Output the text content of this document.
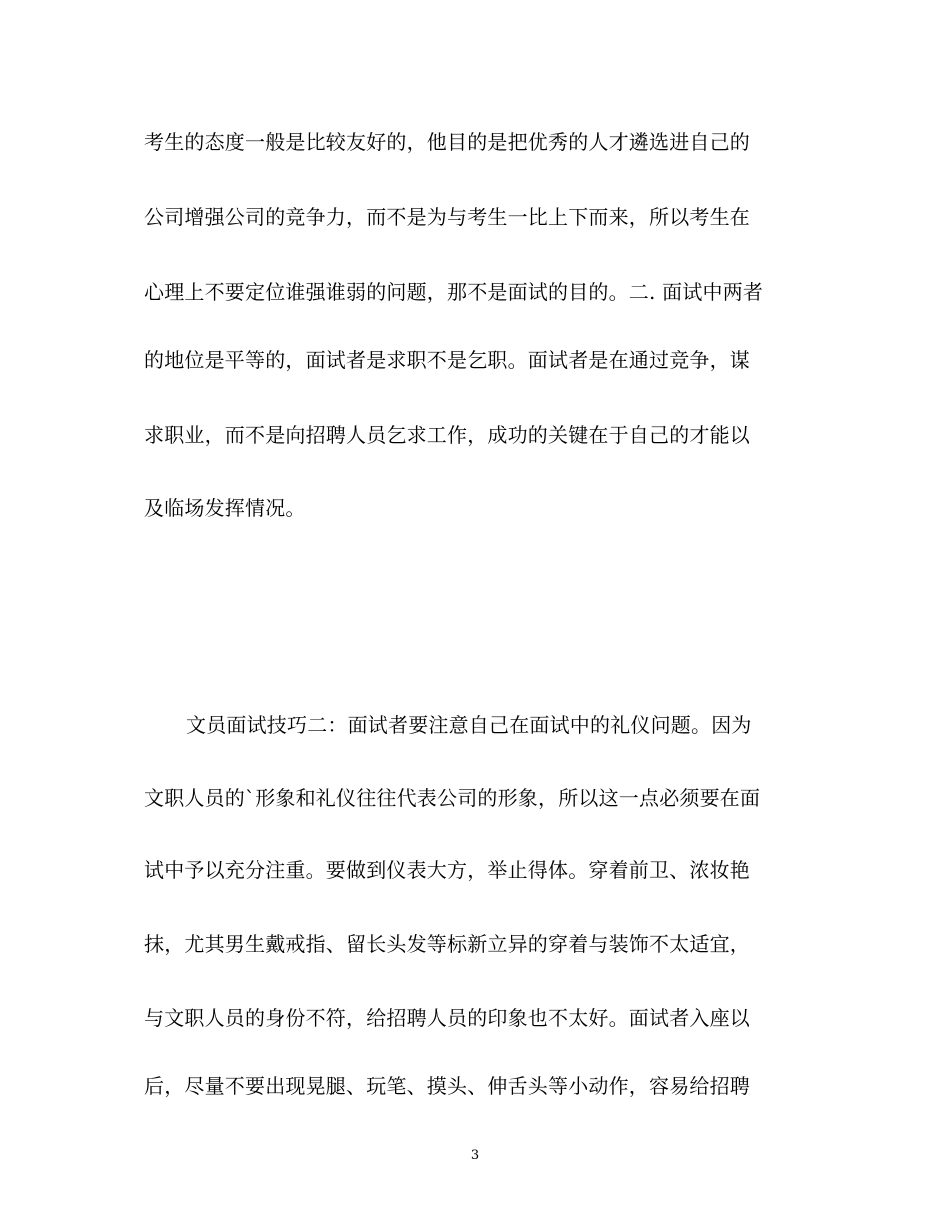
考生的态度一般是比较友好的，他目的是把优秀的人才遴选进自己的
公司增强公司的竞争力，而不是为与考生一比上下而来，所以考生在
心理上不要定位谁强谁弱的问题，那不是面试的目的。二. 面试中两者
的地位是平等的，面试者是求职不是乞职。面试者是在通过竞争，谋
求职业，而不是向招聘人员乞求工作，成功的关键在于自己的才能以
及临场发挥情况。
文员面试技巧二：面试者要注意自己在面试中的礼仪问题。因为
文职人员的`形象和礼仪往往代表公司的形象，所以这一点必须要在面
试中予以充分注重。要做到仪表大方，举止得体。穿着前卫、浓妆艳
抹，尤其男生戴戒指、留长头发等标新立异的穿着与装饰不太适宜，
与文职人员的身份不符，给招聘人员的印象也不太好。面试者入座以
后，尽量不要出现晃腿、玩笔、摸头、伸舌头等小动作，容易给招聘
3
